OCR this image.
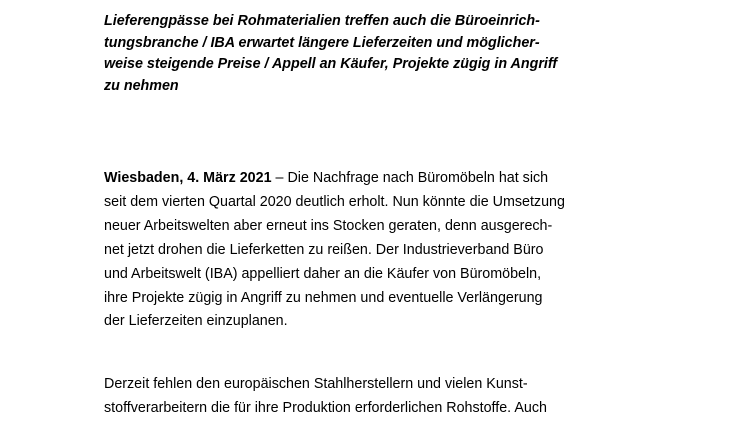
Lieferengpässe bei Rohmaterialien treffen auch die Büroeinrich-
tungsbranche / IBA erwartet längere Lieferzeiten und möglicher-
weise steigende Preise / Appell an Käufer, Projekte zügig in Angriff
zu nehmen

Wiesbaden, 4. März 2021 – Die Nachfrage nach Büromöbeln hat sich
seit dem vierten Quartal 2020 deutlich erholt. Nun könnte die Umsetzung
neuer Arbeitswelten aber erneut ins Stocken geraten, denn ausgerech-
net jetzt drohen die Lieferketten zu reißen. Der Industrieverband Büro
und Arbeitswelt (IBA) appelliert daher an die Käufer von Büromöbeln,
ihre Projekte zügig in Angriff zu nehmen und eventuelle Verlängerung
der Lieferzeiten einzuplanen.

Derzeit fehlen den europäischen Stahlherstellern und vielen Kunst-
stoffverarbeitern die für ihre Produktion erforderlichen Rohstoffe. Auch
